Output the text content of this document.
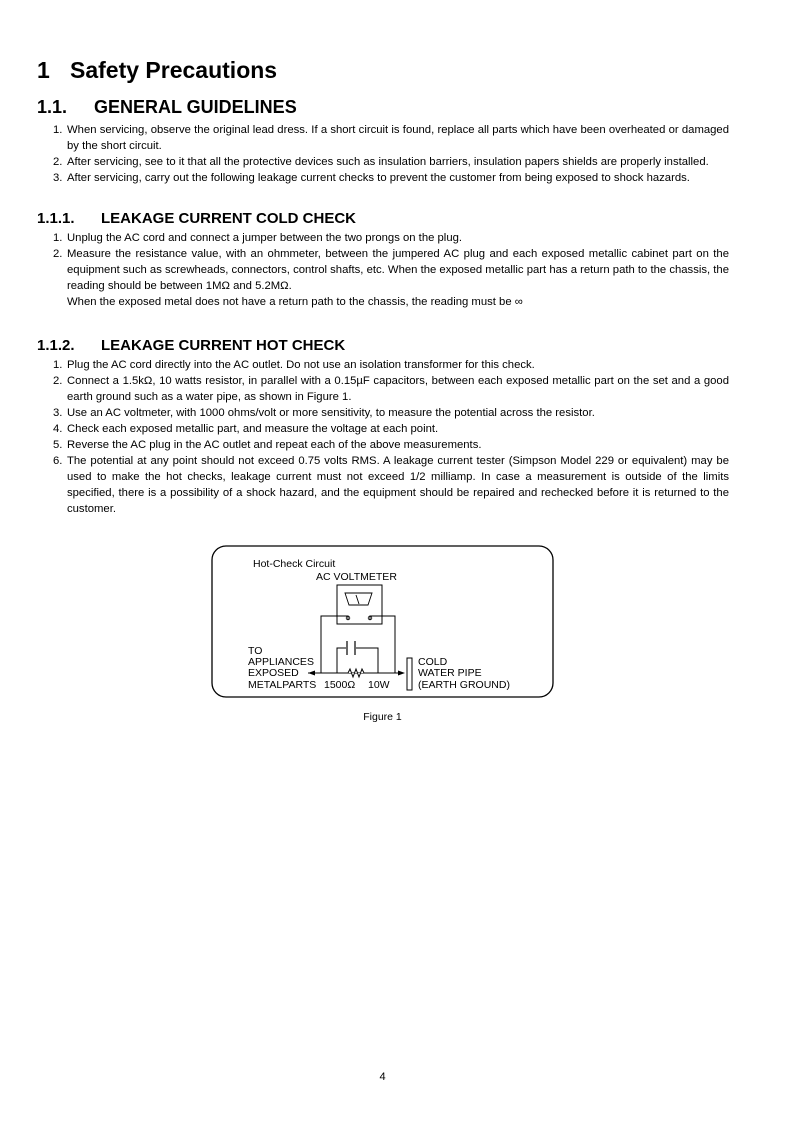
1 Safety Precautions
1.1. GENERAL GUIDELINES
1. When servicing, observe the original lead dress. If a short circuit is found, replace all parts which have been overheated or damaged by the short circuit.
2. After servicing, see to it that all the protective devices such as insulation barriers, insulation papers shields are properly installed.
3. After servicing, carry out the following leakage current checks to prevent the customer from being exposed to shock hazards.
1.1.1. LEAKAGE CURRENT COLD CHECK
1. Unplug the AC cord and connect a jumper between the two prongs on the plug.
2. Measure the resistance value, with an ohmmeter, between the jumpered AC plug and each exposed metallic cabinet part on the equipment such as screwheads, connectors, control shafts, etc. When the exposed metallic part has a return path to the chassis, the reading should be between 1MΩ and 5.2MΩ.
When the exposed metal does not have a return path to the chassis, the reading must be ∞
1.1.2. LEAKAGE CURRENT HOT CHECK
1. Plug the AC cord directly into the AC outlet. Do not use an isolation transformer for this check.
2. Connect a 1.5kΩ, 10 watts resistor, in parallel with a 0.15µF capacitors, between each exposed metallic part on the set and a good earth ground such as a water pipe, as shown in Figure 1.
3. Use an AC voltmeter, with 1000 ohms/volt or more sensitivity, to measure the potential across the resistor.
4. Check each exposed metallic part, and measure the voltage at each point.
5. Reverse the AC plug in the AC outlet and repeat each of the above measurements.
6. The potential at any point should not exceed 0.75 volts RMS. A leakage current tester (Simpson Model 229 or equivalent) may be used to make the hot checks, leakage current must not exceed 1/2 milliamp. In case a measurement is outside of the limits specified, there is a possibility of a shock hazard, and the equipment should be repaired and rechecked before it is returned to the customer.
Hot-Check Circuit
AC VOLTMETER
TO
APPLIANCES
EXPOSED
METALPARTS 1500Ω 10W
COLD
WATER PIPE
(EARTH GROUND)
Figure 1
4
